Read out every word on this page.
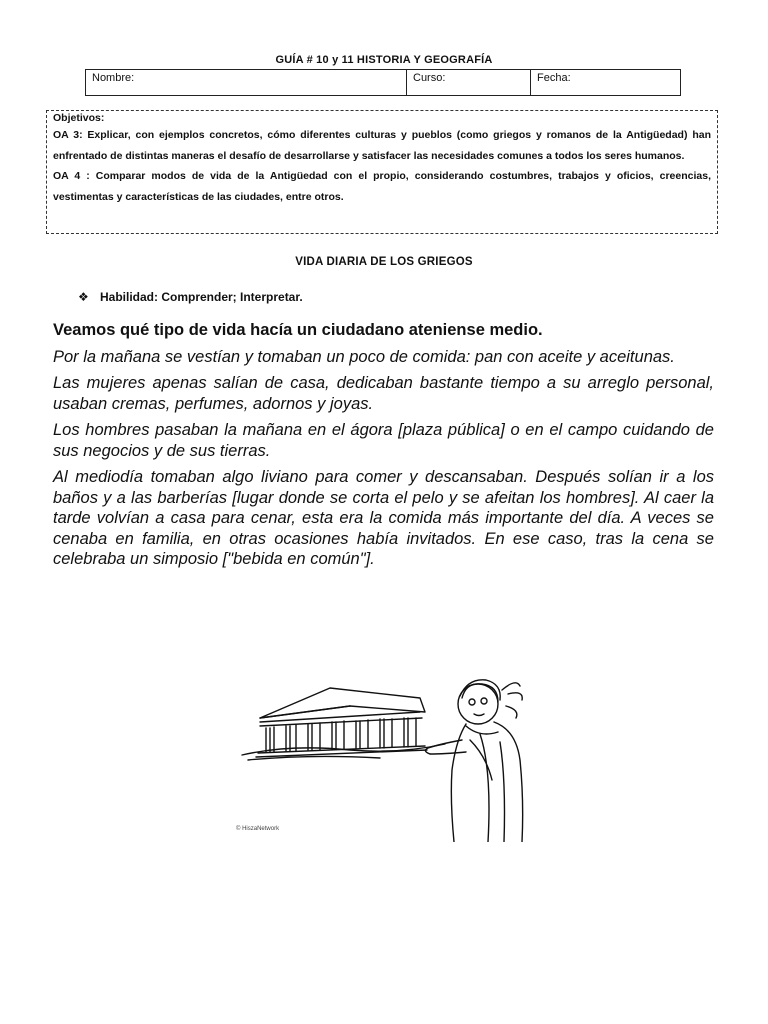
GUÍA # 10 y 11 HISTORIA Y GEOGRAFÍA
Nombre:	Curso:	Fecha:

Objetivos:

OA 3: Explicar, con ejemplos concretos, cómo diferentes culturas y pueblos (como griegos y romanos de la Antigüedad) han enfrentado de distintas maneras el desafío de desarrollarse y satisfacer las necesidades comunes a todos los seres humanos.

OA 4 : Comparar modos de vida de la Antigüedad con el propio, considerando costumbres, trabajos y oficios, creencias, vestimentas y características de las ciudades, entre otros.

VIDA DIARIA DE LOS GRIEGOS
❖ Habilidad: Comprender; Interpretar.

Veamos qué tipo de vida hacía un ciudadano ateniense medio.

Por la mañana se vestían y tomaban un poco de comida: pan con aceite y aceitunas.

Las mujeres apenas salían de casa, dedicaban bastante tiempo a su arreglo personal, usaban cremas, perfumes, adornos y joyas.

Los hombres pasaban la mañana en el ágora [plaza pública] o en el campo cuidando de sus negocios y de sus tierras.

Al mediodía tomaban algo liviano para comer y descansaban. Después solían ir a los baños y a las barberías [lugar donde se corta el pelo y se afeitan los hombres]. Al caer la tarde volvían a casa para cenar, esta era la comida más importante del día. A veces se cenaba en familia, en otras ocasiones había invitados. En ese caso, tras la cena se celebraba un simposio ["bebida en común"].

© HiszaNetwork
